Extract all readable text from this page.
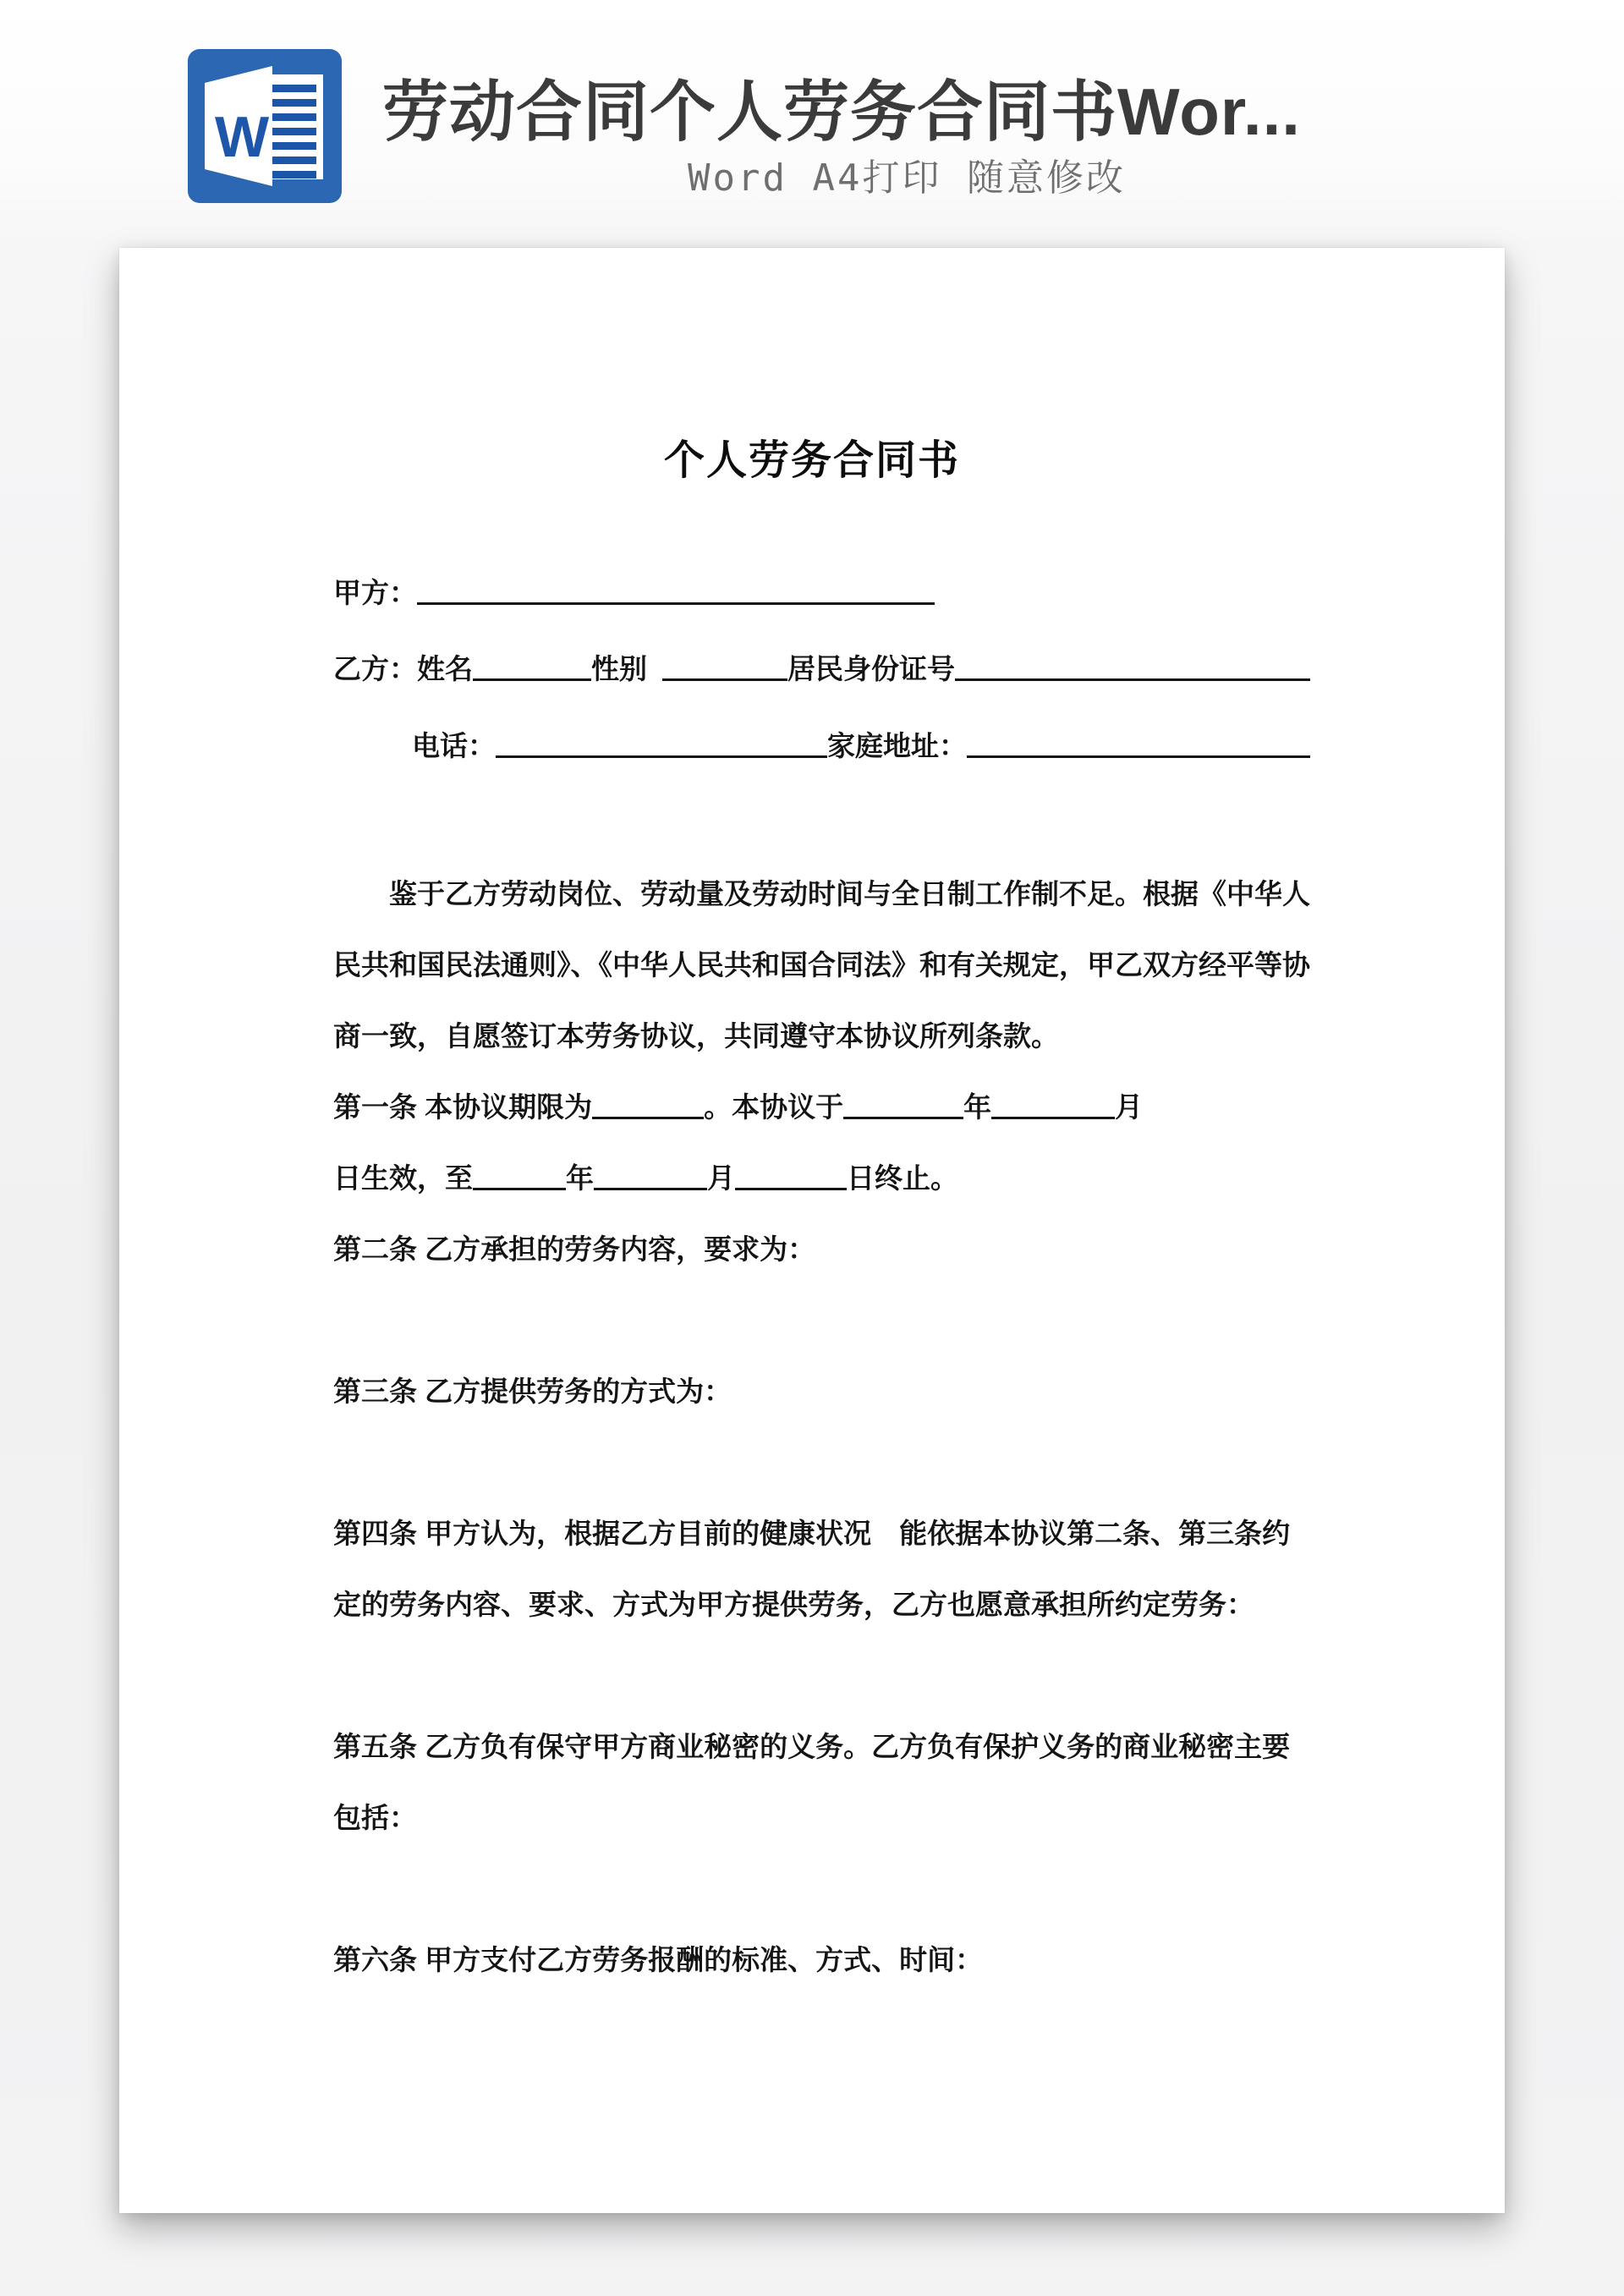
W 劳动合同个人劳务合同书Wor...
Word A4打印 随意修改
个人劳务合同书
甲方：
乙方：姓名	性别	居民身份证号
电话：	家庭地址：
鉴于乙方劳动岗位、劳动量及劳动时间与全日制工作制不足。根据《中华人
民共和国民法通则》、《中华人民共和国合同法》和有关规定，甲乙双方经平等协
商一致，自愿签订本劳务协议，共同遵守本协议所列条款。
第一条 本协议期限为	。本协议于	年	月
日生效，至	年	月	日终止。
第二条 乙方承担的劳务内容，要求为：
第三条 乙方提供劳务的方式为：
第四条 甲方认为，根据乙方目前的健康状况　能依据本协议第二条、第三条约
定的劳务内容、要求、方式为甲方提供劳务，乙方也愿意承担所约定劳务：
第五条 乙方负有保守甲方商业秘密的义务。乙方负有保护义务的商业秘密主要
包括：
第六条 甲方支付乙方劳务报酬的标准、方式、时间：
